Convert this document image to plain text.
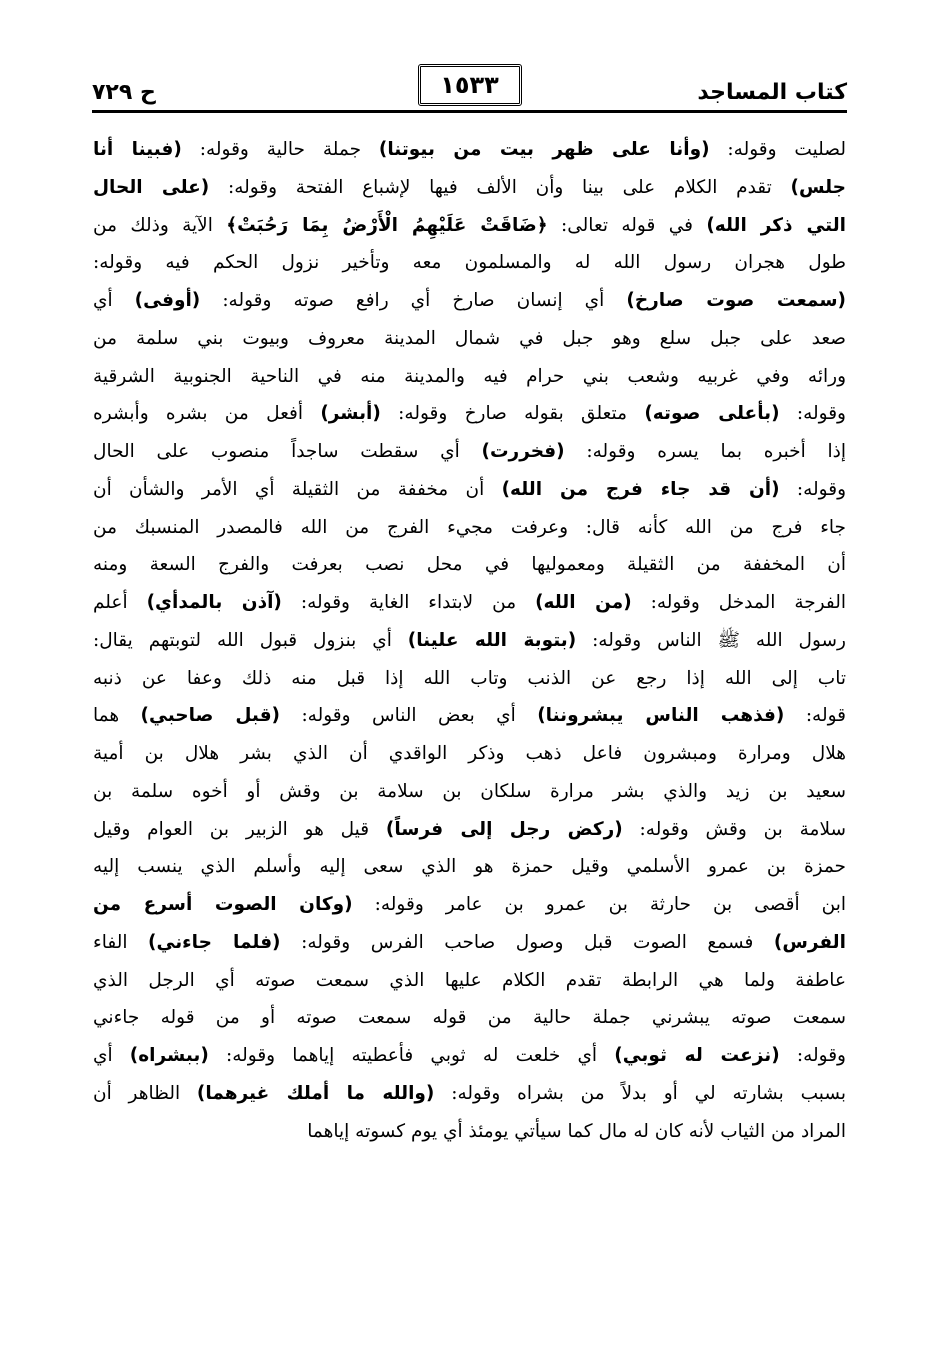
كتاب المساجد
١٥٣٣
ح ٧٢٩
لصليت وقوله: (وأنا على ظهر بيت من بيوتنا) جملة حالية وقوله: (فبينا أنا
جلس) تقدم الكلام على بينا وأن الألف فيها لإشباع الفتحة وقوله: (على الحال
التي ذكر الله) في قوله تعالى: ﴿ضَاقَتْ عَلَيْهِمُ الْأَرْضُ بِمَا رَحُبَتْ﴾ الآية وذلك من
طول هجران رسول الله له والمسلمون معه وتأخير نزول الحكم فيه وقوله:
(سمعت صوت صارخ) أي إنسان صارخ أي رافع صوته وقوله: (أوفى) أي
صعد على جبل سلع وهو جبل في شمال المدينة معروف وبيوت بني سلمة من
ورائه وفي غربيه وشعب بني حرام فيه والمدينة منه في الناحية الجنوبية الشرقية
وقوله: (بأعلى صوته) متعلق بقوله صارخ وقوله: (أبشر) أفعل من بشره وأبشره
إذا أخبره بما يسره وقوله: (فخررت) أي سقطت ساجداً منصوب على الحال
وقوله: (أن قد جاء فرج من الله) أن مخففة من الثقيلة أي الأمر والشأن أن
جاء فرج من الله كأنه قال: وعرفت مجيء الفرج من الله فالمصدر المنسبك من
أن المخففة من الثقيلة ومعموليها في محل نصب بعرفت والفرج السعة ومنه
الفرجة المدخل وقوله: (من الله) من لابتداء الغاية وقوله: (آذن بالمدأي) أعلم
رسول الله ﷺ الناس وقوله: (بتوبة الله علينا) أي بنزول قبول الله لتوبتهم يقال:
تاب إلى الله إذا رجع عن الذنب وتاب الله إذا قبل منه ذلك وعفا عن ذنبه
قوله: (فذهب الناس يبشروننا) أي بعض الناس وقوله: (قبل صاحبي) هما
هلال ومرارة ومبشرون فاعل ذهب وذكر الواقدي أن الذي بشر هلال بن أمية
سعيد بن زيد والذي بشر مرارة سلكان بن سلامة بن وقش أو أخوه سلمة بن
سلامة بن وقش وقوله: (ركض رجل إلى فرساً) قيل هو الزبير بن العوام وقيل
حمزة بن عمرو الأسلمي وقيل حمزة هو الذي سعى إليه وأسلم الذي ينسب إليه
ابن أقصى بن حارثة بن عمرو بن عامر وقوله: (وكان الصوت أسرع من
الفرس) فسمع الصوت قبل وصول صاحب الفرس وقوله: (فلما جاءني) الفاء
عاطفة ولما هي الرابطة تقدم الكلام عليها الذي سمعت صوته أي الرجل الذي
سمعت صوته يبشرني جملة حالية من قوله سمعت صوته أو من قوله جاءني
وقوله: (نزعت له ثوبي) أي خلعت له ثوبي فأعطيته إياهما وقوله: (ببشراه) أي
بسبب بشارته لي أو بدلاً من بشراه وقوله: (والله ما أملك غيرهما) الظاهر أن
المراد من الثياب لأنه كان له مال كما سيأتي يومئذ أي يوم كسوته إياهما
